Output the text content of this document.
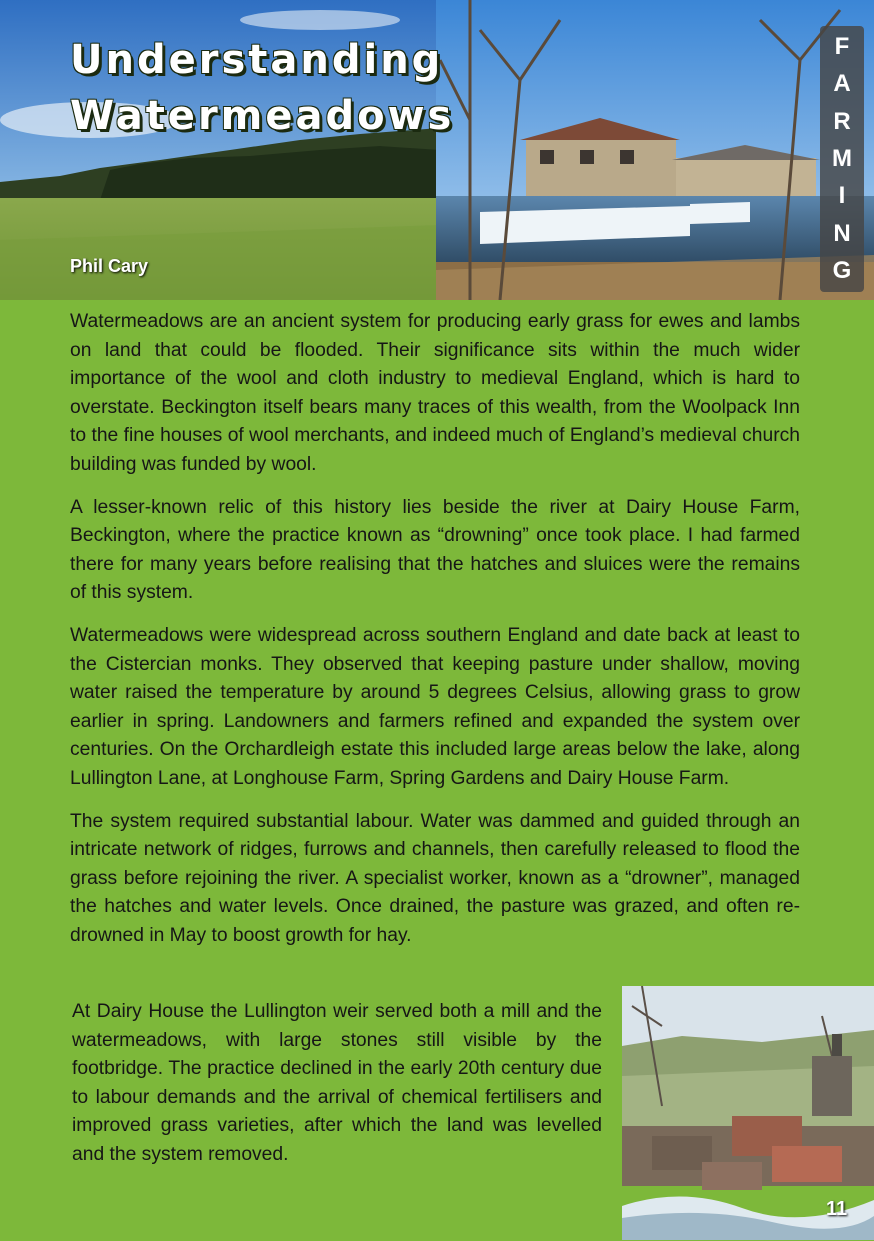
Understanding
Watermeadows
Phil Cary
F
A
R
M
I
N
G

Watermeadows are an ancient system for producing early grass for ewes and lambs on land that could be flooded. Their significance sits within the much wider importance of the wool and cloth industry to medieval England, which is hard to overstate. Beckington itself bears many traces of this wealth, from the Woolpack Inn to the fine houses of wool merchants, and indeed much of England’s medieval church building was funded by wool.

A lesser-known relic of this history lies beside the river at Dairy House Farm, Beckington, where the practice known as “drowning” once took place. I had farmed there for many years before realising that the hatches and sluices were the remains of this system.

Watermeadows were widespread across southern England and date back at least to the Cistercian monks. They observed that keeping pasture under shallow, moving water raised the temperature by around 5 degrees Celsius, allowing grass to grow earlier in spring. Landowners and farmers refined and expanded the system over centuries. On the Orchardleigh estate this included large areas below the lake, along Lullington Lane, at Longhouse Farm, Spring Gardens and Dairy House Farm.

The system required substantial labour. Water was dammed and guided through an intricate network of ridges, furrows and channels, then carefully released to flood the grass before rejoining the river. A specialist worker, known as a “drowner”, managed the hatches and water levels. Once drained, the pasture was grazed, and often re-drowned in May to boost growth for hay.

At Dairy House the Lullington weir served both a mill and the watermeadows, with large stones still visible by the footbridge. The practice declined in the early 20th century due to labour demands and the arrival of chemical fertilisers and improved grass varieties, after which the land was levelled and the system removed.

11
